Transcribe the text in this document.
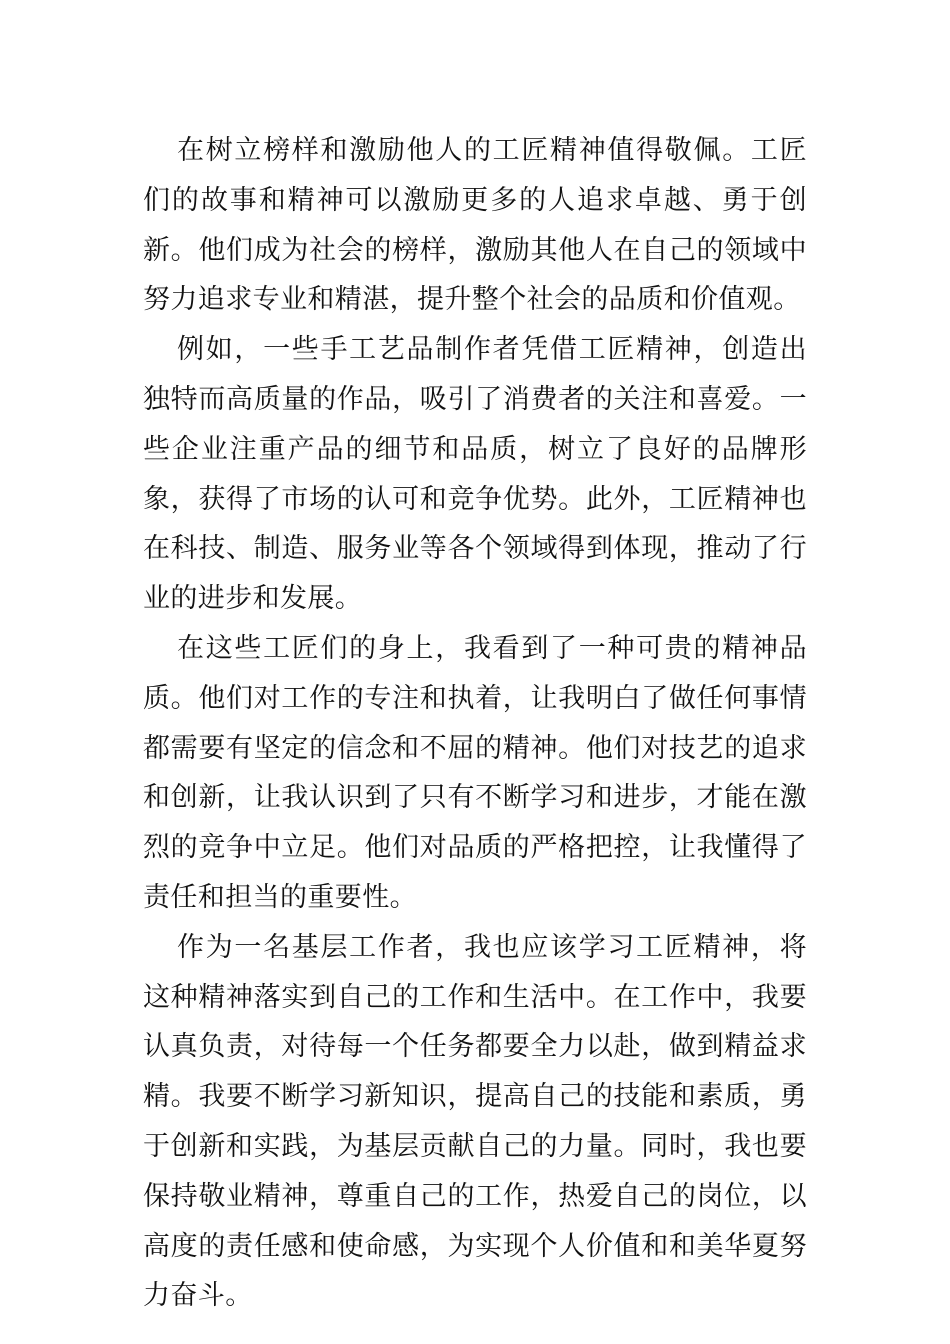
在树立榜样和激励他人的工匠精神值得敬佩。工匠们的故事和精神可以激励更多的人追求卓越、勇于创新。他们成为社会的榜样，激励其他人在自己的领域中努力追求专业和精湛，提升整个社会的品质和价值观。

例如，一些手工艺品制作者凭借工匠精神，创造出独特而高质量的作品，吸引了消费者的关注和喜爱。一些企业注重产品的细节和品质，树立了良好的品牌形象，获得了市场的认可和竞争优势。此外，工匠精神也在科技、制造、服务业等各个领域得到体现，推动了行业的进步和发展。

在这些工匠们的身上，我看到了一种可贵的精神品质。他们对工作的专注和执着，让我明白了做任何事情都需要有坚定的信念和不屈的精神。他们对技艺的追求和创新，让我认识到了只有不断学习和进步，才能在激烈的竞争中立足。他们对品质的严格把控，让我懂得了责任和担当的重要性。

作为一名基层工作者，我也应该学习工匠精神，将这种精神落实到自己的工作和生活中。在工作中，我要认真负责，对待每一个任务都要全力以赴，做到精益求精。我要不断学习新知识，提高自己的技能和素质，勇于创新和实践，为基层贡献自己的力量。同时，我也要保持敬业精神，尊重自己的工作，热爱自己的岗位，以高度的责任感和使命感，为实现个人价值和和美华夏努力奋斗。
